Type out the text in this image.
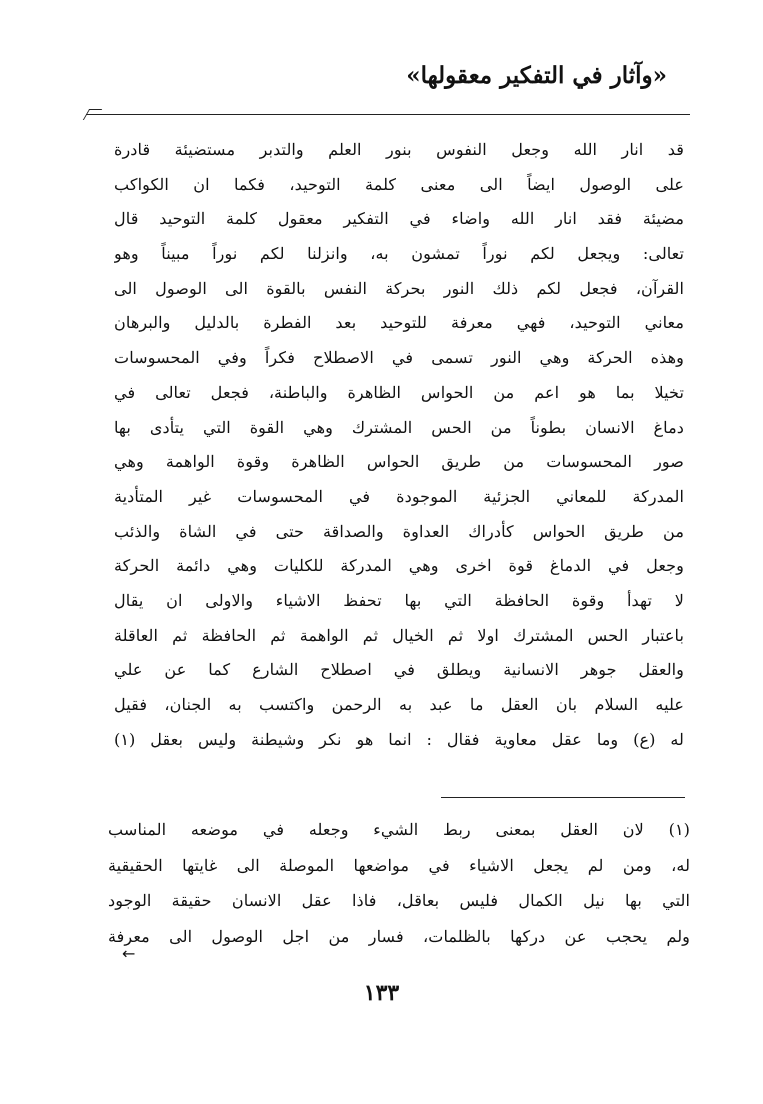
«وآثار في التفكير معقولها»
قد انار الله وجعل النفوس بنور العلم والتدبر مستضيئة قادرة
على الوصول ايضاً الى معنى كلمة التوحيد، فكما ان الكواكب
مضيئة فقد انار الله واضاء في التفكير معقول كلمة التوحيد قال
تعالى: ويجعل لكم نوراً تمشون به، وانزلنا لكم نوراً مبيناً وهو
القرآن، فجعل لكم ذلك النور بحركة النفس بالقوة الى الوصول الى
معاني التوحيد، فهي معرفة للتوحيد بعد الفطرة بالدليل والبرهان
وهذه الحركة وهي النور تسمى في الاصطلاح فكراً وفي المحسوسات
تخيلا بما هو اعم من الحواس الظاهرة والباطنة، فجعل تعالى في
دماغ الانسان بطوناً من الحس المشترك وهي القوة التي يتأدى بها
صور المحسوسات من طريق الحواس الظاهرة وقوة الواهمة وهي
المدركة للمعاني الجزئية الموجودة في المحسوسات غير المتأدية
من طريق الحواس كأدراك العداوة والصداقة حتى في الشاة والذئب
وجعل في الدماغ قوة اخرى وهي المدركة للكليات وهي دائمة الحركة
لا تهدأ وقوة الحافظة التي بها تحفظ الاشياء والاولى ان يقال
باعتبار الحس المشترك اولا ثم الخيال ثم الواهمة ثم الحافظة ثم العاقلة
والعقل جوهر الانسانية ويطلق في اصطلاح الشارع كما عن علي
عليه السلام بان العقل ما عبد به الرحمن واكتسب به الجنان، فقيل
له (ع) وما عقل معاوية فقال : انما هو نكر وشيطنة وليس بعقل (١)
(١) لان العقل بمعنى ربط الشيء وجعله في موضعه المناسب
له، ومن لم يجعل الاشياء في مواضعها الموصلة الى غايتها الحقيقية
التي بها نيل الكمال فليس بعاقل، فاذا عقل الانسان حقيقة الوجود
ولم يحجب عن دركها بالظلمات، فسار من اجل الوصول الى معرفة
←
١٣٣
